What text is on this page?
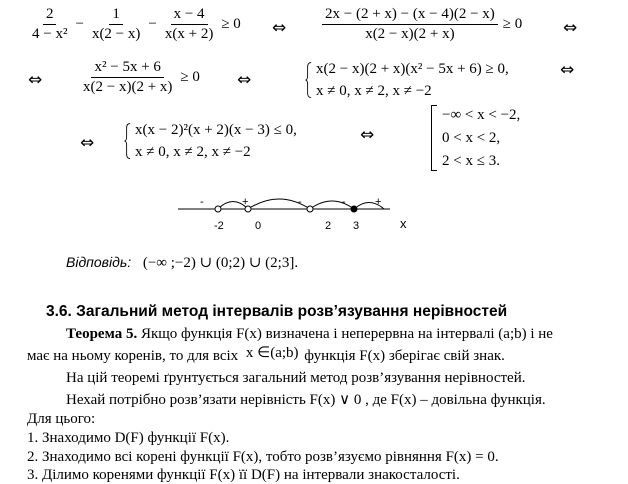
$\frac{2}{\text{4 − x²}} - \frac{1}{x(2 - x)} - \frac{x - 4}{x(x + 2)} \ge 0$ ⇔ $\frac{2x - (2 + x) - (x - 4)(2 - x)}{x(2 - x)(2 + x)} \ge 0$ ⇔
⇔	$\frac{\text{x² − 5x + 6}}{x(2 - x)(2 + x)} \ge 0$ ⇔
x(2 − x)(2 + x)(x² − 5x + 6) ≥ 0,
x ≠ 0, x ≠ 2, x ≠ −2
⇔
⇔
x(x − 2)²(x + 2)(x − 3) ≤ 0,
x ≠ 0, x ≠ 2, x ≠ −2
⇔
−∞ < x < −2,
0 < x < 2,
2 < x ≤ 3.
-	+	-	-	+
-2	0	2 3	x
Відповідь: (−∞ ;−2) ∪ (0;2) ∪ (2;3].
3.6. Загальний метод інтервалів розв’язування нерівностей
Теорема 5. Якщо функція F(x) визначена і неперервна на інтервалі (a;b) і не
має на ньому коренів, то для всіх x ∈(a;b) функція F(x) зберігає свій знак.
На цій теоремі ґрунтується загальний метод розв’язування нерівностей.
Нехай потрібно розв’язати нерівність F(x) ∨ 0 , де F(x) – довільна функція.
Для цього:
1. Знаходимо D(F) функції F(x).
2. Знаходимо всі корені функції F(x), тобто розв’язуємо рівняння F(x) = 0.
3. Ділимо коренями функції F(x) її D(F) на інтервали знакосталості.
